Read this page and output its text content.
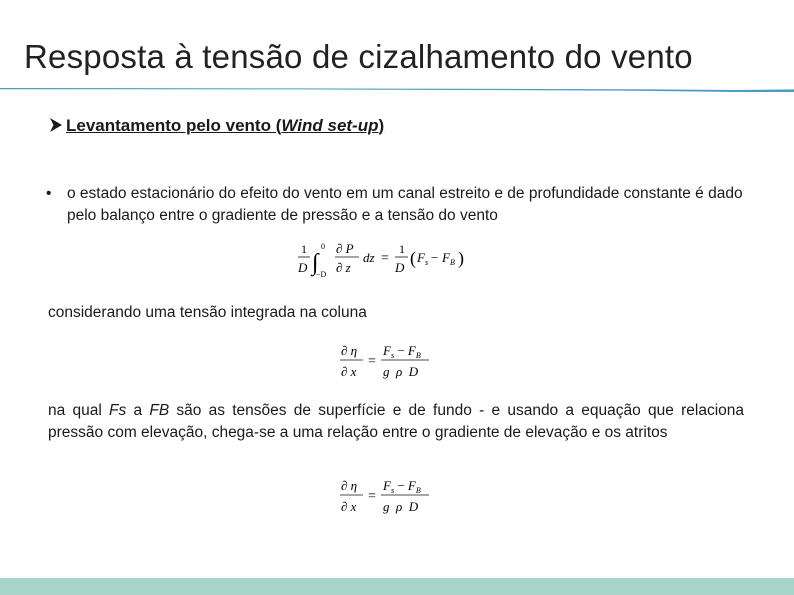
Resposta à tensão de cizalhamento do vento
Levantamento pelo vento (Wind set-up)
• o estado estacionário do efeito do vento em um canal estreito e de profundidade constante é dado pelo balanço entre o gradiente de pressão e a tensão do vento
1
D ∫
0
−D
∂ P
∂ z
dz =
1
D ( F s − F B )
considerando uma tensão integrada na coluna
∂ η
∂ x
=
$F_s - F_B$
g  ρ  D
na qual Fs a FB são as tensões de superfície e de fundo - e usando a equação que relaciona pressão com elevação, chega-se a uma relação entre o gradiente de elevação e os atritos
∂ η
∂ x
=
$F_s - F_B$
g  ρ  D
